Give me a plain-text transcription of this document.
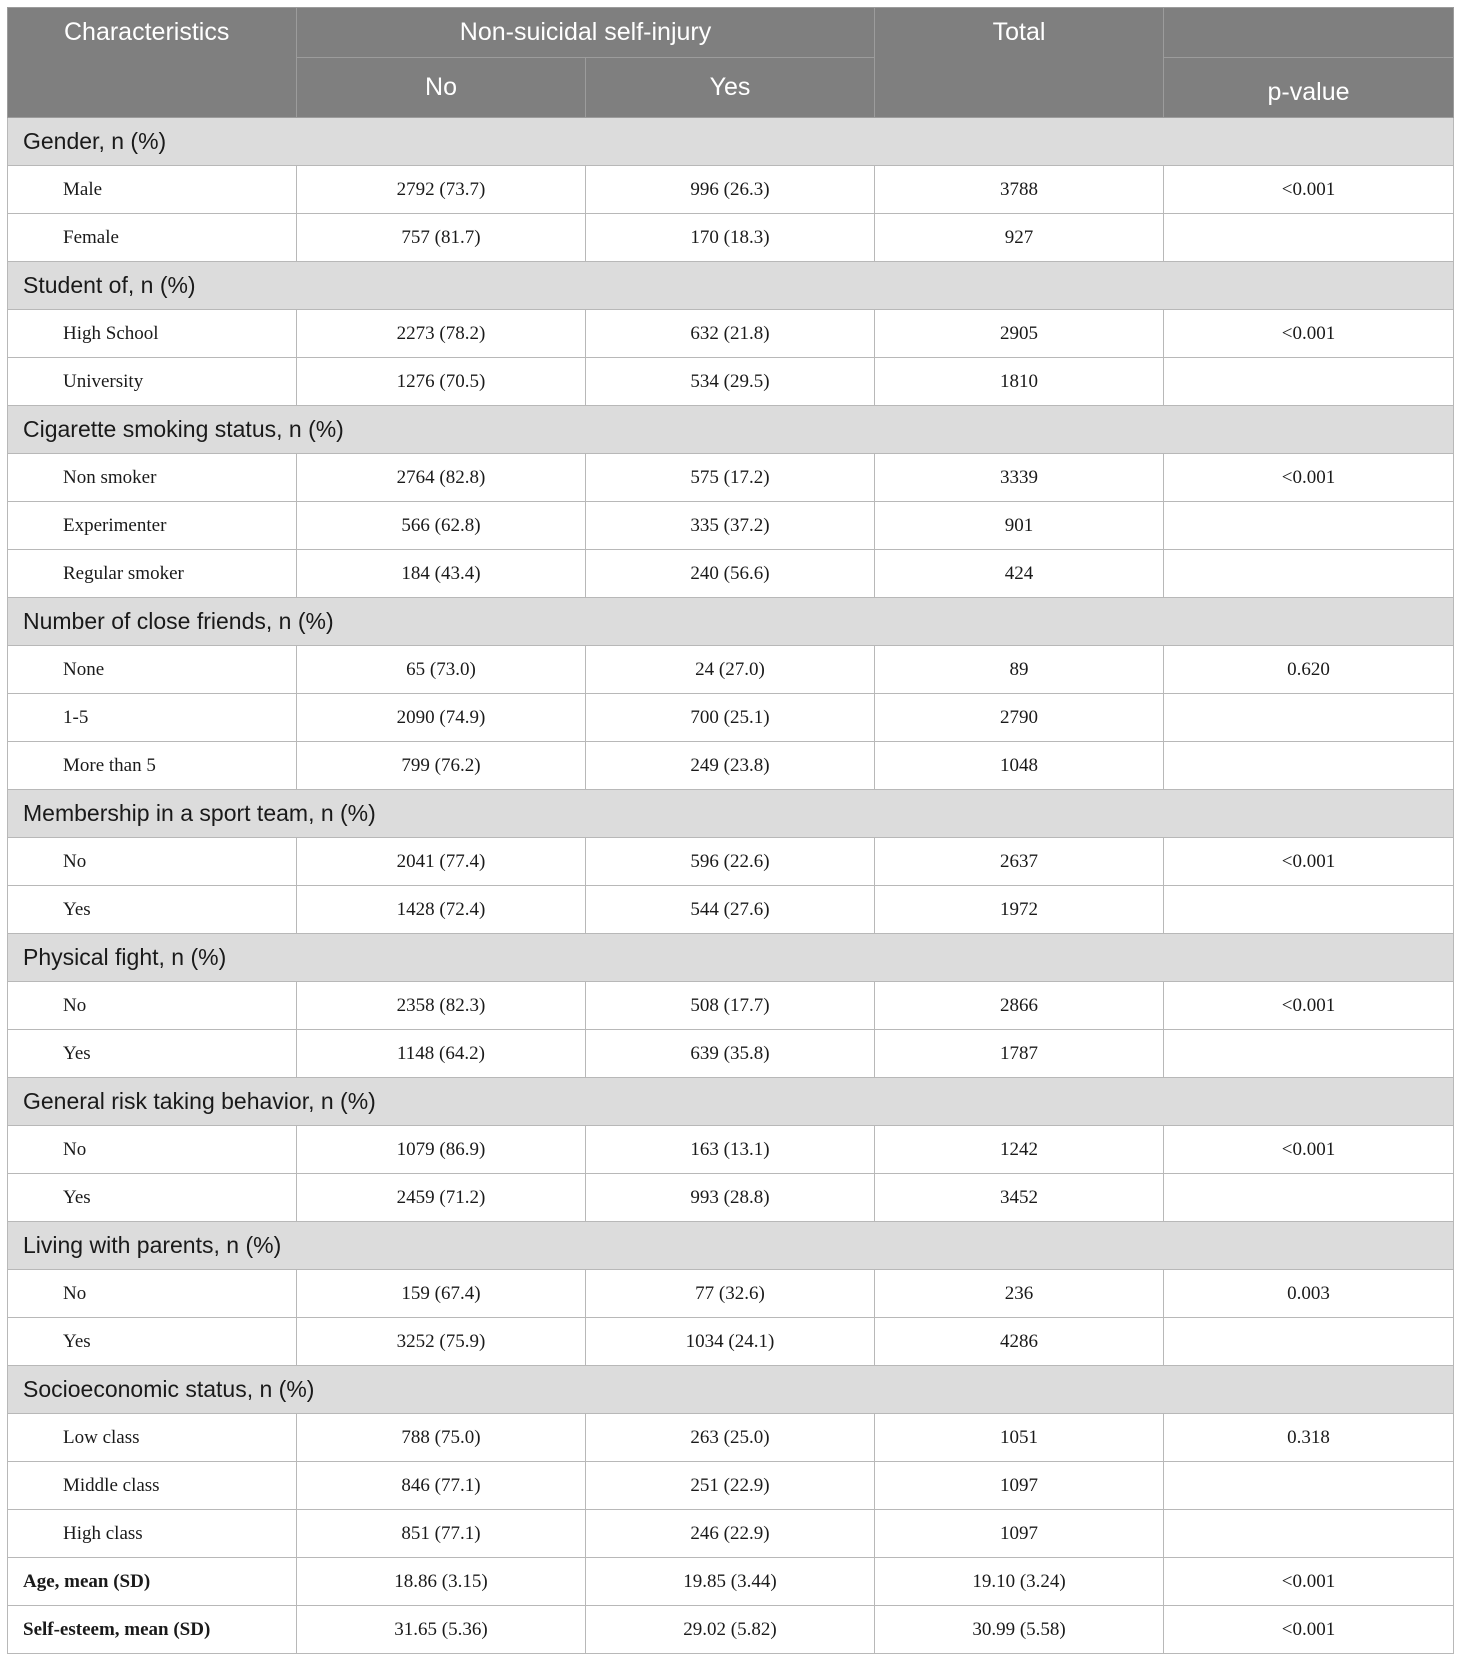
Characteristics	Non-suicidal self-injury		Total	
	No	Yes		p-value
Gender, n (%)				
Male	2792 (73.7)	996 (26.3)	3788	<0.001
Female	757 (81.7)	170 (18.3)	927	
Student of, n (%)				
High School	2273 (78.2)	632 (21.8)	2905	<0.001
University	1276 (70.5)	534 (29.5)	1810	
Cigarette smoking status, n (%)				
Non smoker	2764 (82.8)	575 (17.2)	3339	<0.001
Experimenter	566 (62.8)	335 (37.2)	901	
Regular smoker	184 (43.4)	240 (56.6)	424	
Number of close friends, n (%)				
None	65 (73.0)	24 (27.0)	89	0.620
1-5	2090 (74.9)	700 (25.1)	2790	
More than 5	799 (76.2)	249 (23.8)	1048	
Membership in a sport team, n (%)				
No	2041 (77.4)	596 (22.6)	2637	<0.001
Yes	1428 (72.4)	544 (27.6)	1972	
Physical fight, n (%)				
No	2358 (82.3)	508 (17.7)	2866	<0.001
Yes	1148 (64.2)	639 (35.8)	1787	
General risk taking behavior, n (%)				
No	1079 (86.9)	163 (13.1)	1242	<0.001
Yes	2459 (71.2)	993 (28.8)	3452	
Living with parents, n (%)				
No	159 (67.4)	77 (32.6)	236	0.003
Yes	3252 (75.9)	1034 (24.1)	4286	
Socioeconomic status, n (%)				
Low class	788 (75.0)	263 (25.0)	1051	0.318
Middle class	846 (77.1)	251 (22.9)	1097	
High class	851 (77.1)	246 (22.9)	1097	
Age, mean (SD)	18.86 (3.15)	19.85 (3.44)	19.10 (3.24)	<0.001
Self-esteem, mean (SD)	31.65 (5.36)	29.02 (5.82)	30.99 (5.58)	<0.001
